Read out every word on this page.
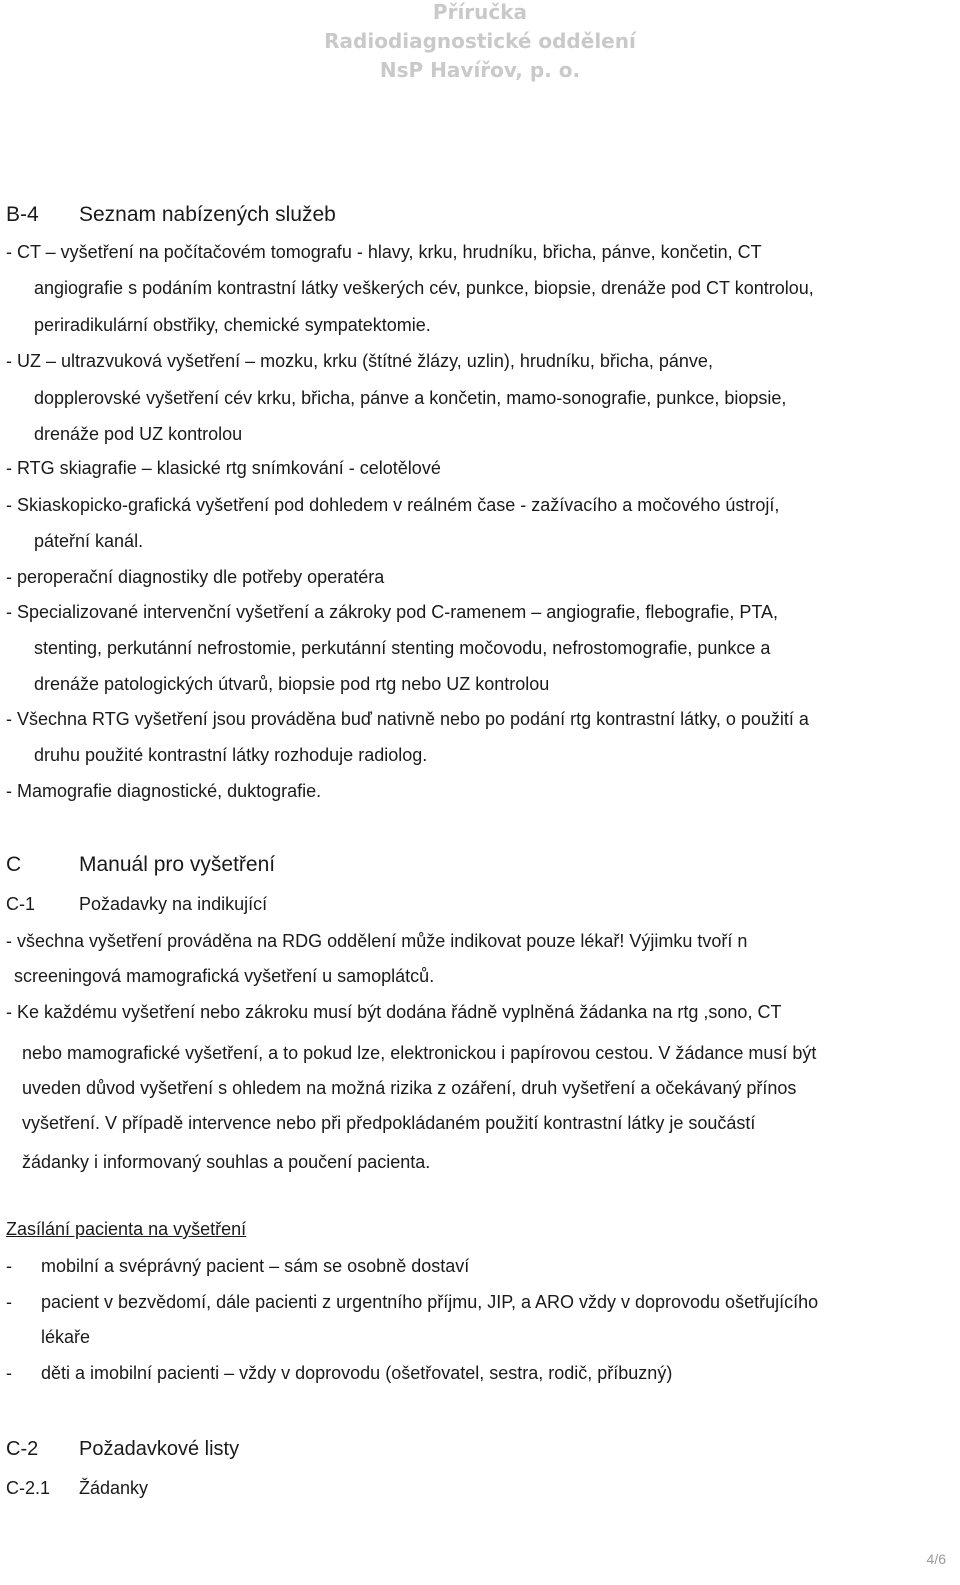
Příručka
Radiodiagnostické oddělení
NsP Havířov, p. o.
B-4 Seznam nabízených služeb
- CT – vyšetření na počítačovém tomografu - hlavy, krku, hrudníku, břicha, pánve, končetin, CT
angiografie s podáním kontrastní látky veškerých cév, punkce, biopsie, drenáže pod CT kontrolou,
periradikulární obstřiky, chemické sympatektomie.
- UZ – ultrazvuková vyšetření – mozku, krku (štítné žlázy, uzlin), hrudníku, břicha, pánve,
dopplerovské vyšetření cév krku, břicha, pánve a končetin, mamo-sonografie, punkce, biopsie,
drenáže pod UZ kontrolou
- RTG skiagrafie – klasické rtg snímkování - celotělové
- Skiaskopicko-grafická vyšetření pod dohledem v reálném čase - zažívacího a močového ústrojí,
páteřní kanál.
- peroperační diagnostiky dle potřeby operatéra
- Specializované intervenční vyšetření a zákroky pod C-ramenem – angiografie, flebografie, PTA,
stenting, perkutánní nefrostomie, perkutánní stenting močovodu, nefrostomografie, punkce a
drenáže patologických útvarů, biopsie pod rtg nebo UZ kontrolou
- Všechna RTG vyšetření jsou prováděna buď nativně nebo po podání rtg kontrastní látky, o použití a
druhu použité kontrastní látky rozhoduje radiolog.
- Mamografie diagnostické, duktografie.
C	Manuál pro vyšetření
C-1 Požadavky na indikující
- všechna vyšetření prováděna na RDG oddělení může indikovat pouze lékař! Výjimku tvoří n
screeningová mamografická vyšetření u samoplátců.
- Ke každému vyšetření nebo zákroku musí být dodána řádně vyplněná žádanka na rtg ,sono, CT
nebo mamografické vyšetření, a to pokud lze, elektronickou i papírovou cestou. V žádance musí být
uveden důvod vyšetření s ohledem na možná rizika z ozáření, druh vyšetření a očekávaný přínos
vyšetření. V případě intervence nebo při předpokládaném použití kontrastní látky je součástí
žádanky i informovaný souhlas a poučení pacienta.
Zasílání pacienta na vyšetření
- mobilní a svéprávný pacient – sám se osobně dostaví
- pacient v bezvědomí, dále pacienti z urgentního příjmu, JIP, a ARO vždy v doprovodu ošetřujícího
lékaře
- děti a imobilní pacienti – vždy v doprovodu (ošetřovatel, sestra, rodič, příbuzný)
C-2 Požadavkové listy
C-2.1 Žádanky
4/6
